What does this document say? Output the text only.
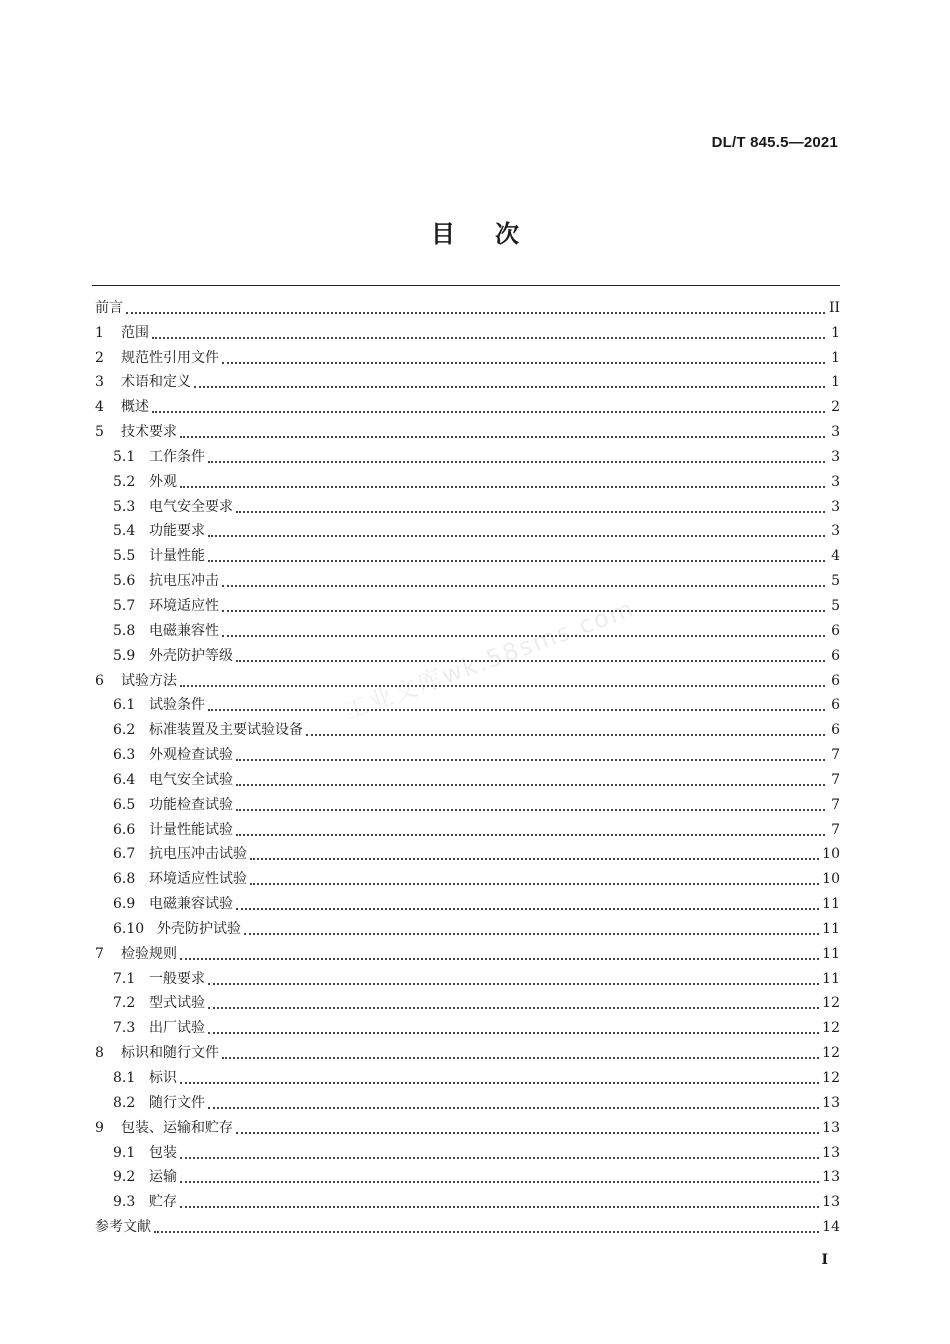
DL/T 845.5—2021
目次
前言	II
1	范围	1
2	规范性引用文件	1
3	术语和定义	1
4	概述	2
5	技术要求	3
5.1 工作条件	3
5.2 外观	3
5.3 电气安全要求	3
5.4 功能要求	3
5.5 计量性能	4
5.6 抗电压冲击	5
5.7 环境适应性	5
5.8 电磁兼容性	6
5.9 外壳防护等级	6
6	试验方法	6
6.1 试验条件	6
6.2 标准装置及主要试验设备	6
6.3 外观检查试验	7
6.4 电气安全试验	7
6.5 功能检查试验	7
6.6 计量性能试验	7
6.7 抗电压冲击试验	10
6.8 环境适应性试验	10
6.9 电磁兼容试验	11
6.10 外壳防护试验	11
7	检验规则	11
7.1 一般要求	11
7.2 型式试验	12
7.3 出厂试验	12
8	标识和随行文件	12
8.1 标识	12
8.2 随行文件	13
9	包装、运输和贮存	13
9.1 包装	13
9.2 运输	13
9.3 贮存	13
参考文献	14
工业文库wk.58sms.com
I
